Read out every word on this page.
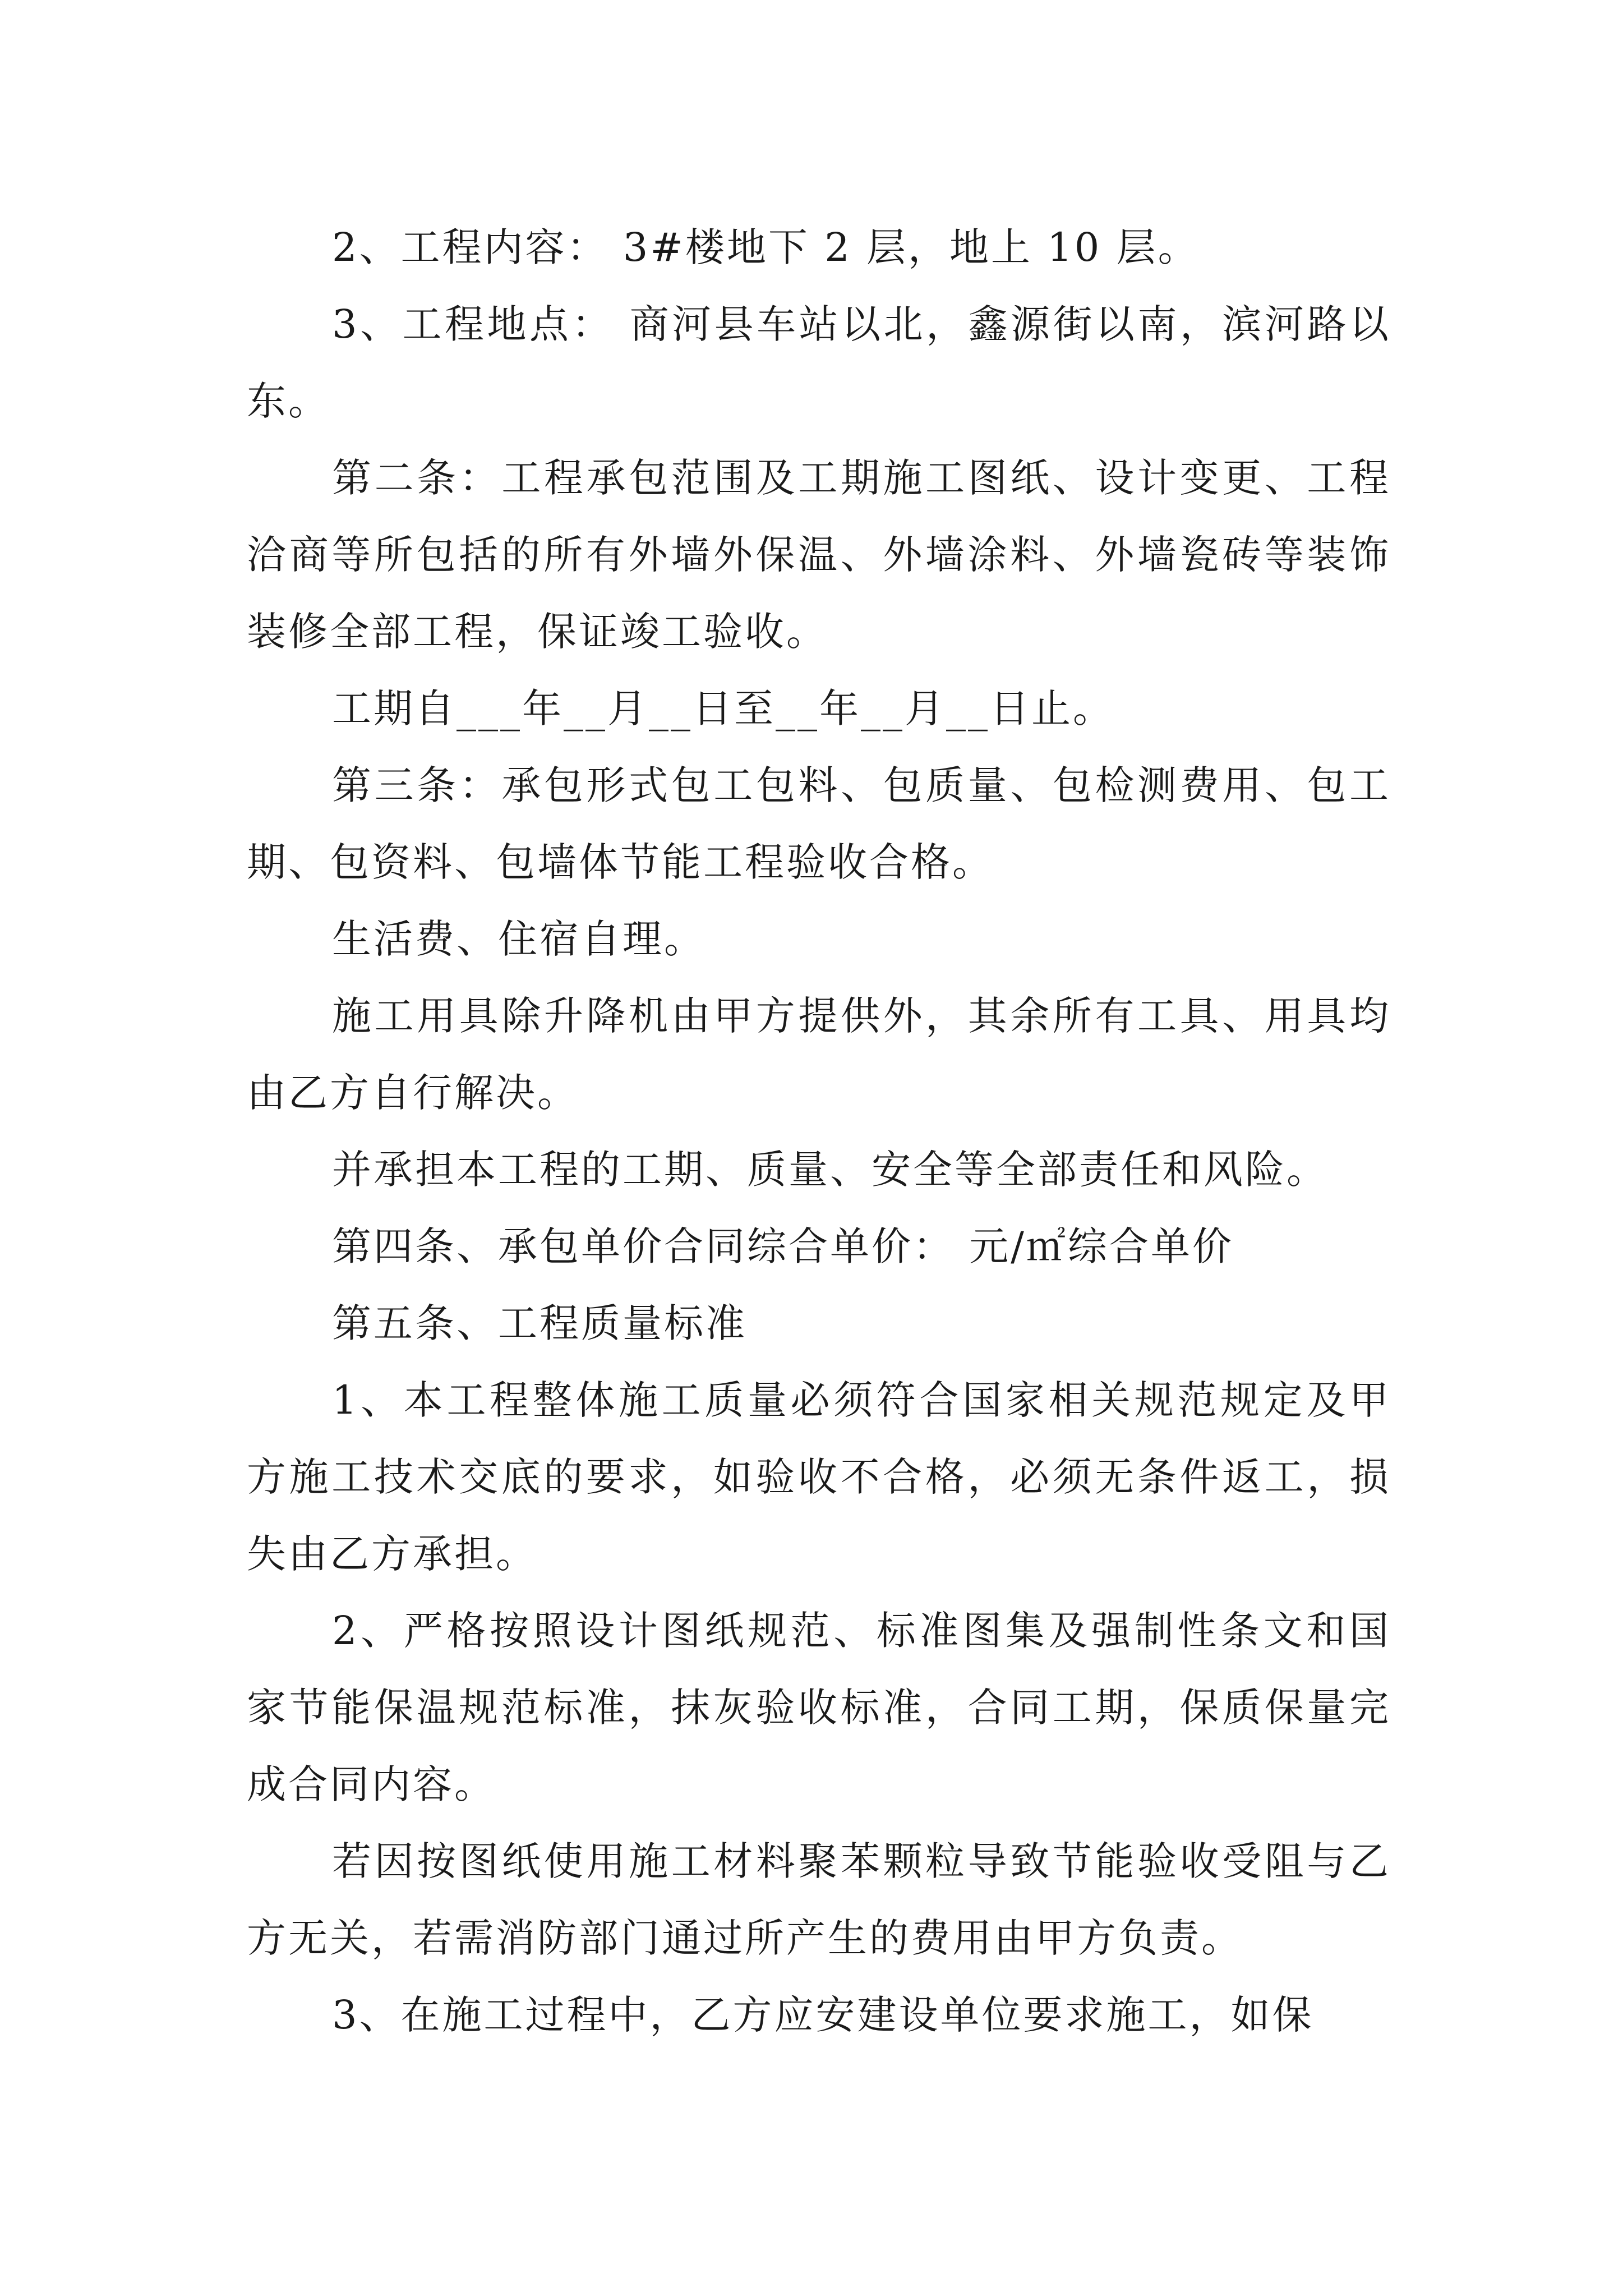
2、工程内容： 3#楼地下 2 层，地上 10 层。

3、工程地点： 商河县车站以北，鑫源街以南，滨河路以东。

第二条：工程承包范围及工期施工图纸、设计变更、工程洽商等所包括的所有外墙外保温、外墙涂料、外墙瓷砖等装饰装修全部工程，保证竣工验收。

工期自___年__月__日至__年__月__日止。

第三条：承包形式包工包料、包质量、包检测费用、包工期、包资料、包墙体节能工程验收合格。

生活费、住宿自理。

施工用具除升降机由甲方提供外，其余所有工具、用具均由乙方自行解决。

并承担本工程的工期、质量、安全等全部责任和风险。

第四条、承包单价合同综合单价： 元/㎡综合单价

第五条、工程质量标准

1、本工程整体施工质量必须符合国家相关规范规定及甲方施工技术交底的要求，如验收不合格，必须无条件返工，损失由乙方承担。

2、严格按照设计图纸规范、标准图集及强制性条文和国家节能保温规范标准，抹灰验收标准，合同工期，保质保量完成合同内容。

若因按图纸使用施工材料聚苯颗粒导致节能验收受阻与乙方无关，若需消防部门通过所产生的费用由甲方负责。

3、在施工过程中，乙方应安建设单位要求施工，如保
